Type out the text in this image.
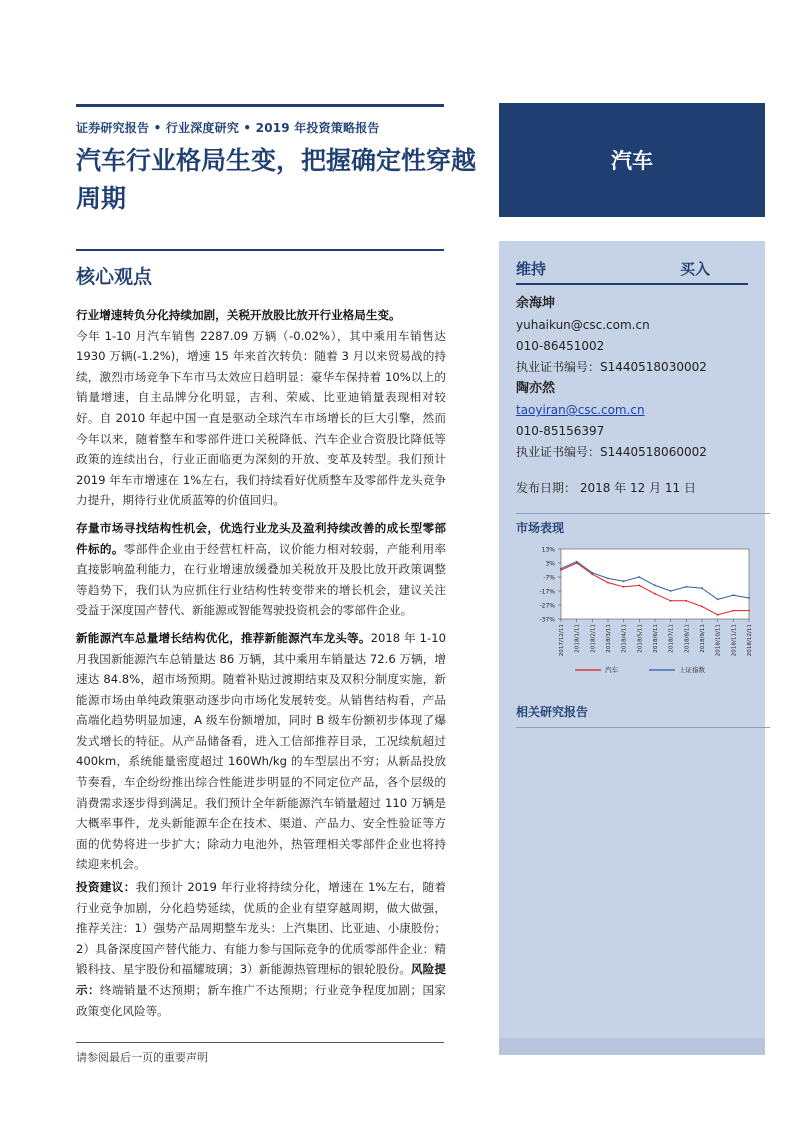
证券研究报告 • 行业深度研究 • 2019 年投资策略报告
汽车行业格局生变，把握确定性穿越周期
汽车
维持	买入
余海坤
yuhaikun@csc.com.cn
010-86451002
执业证书编号：S1440518030002
陶亦然
taoyiran@csc.com.cn
010-85156397
执业证书编号：S1440518060002
发布日期： 2018 年 12 月 11 日
市场表现
13%
3%
-7%
-17%
-27%
-37%
2017/12/11 2018/1/11 2018/2/11 2018/3/11 2018/4/11 2018/5/11 2018/6/11 2018/7/11 2018/8/11 2018/9/11 2018/10/11 2018/11/11 2018/12/11
汽车	上证指数
相关研究报告
核心观点

行业增速转负分化持续加剧，关税开放股比放开行业格局生变。
今年 1-10 月汽车销售 2287.09 万辆（-0.02%），其中乘用车销售达 1930 万辆(-1.2%)，增速 15 年来首次转负：随着 3 月以来贸易战的持续，激烈市场竞争下车市马太效应日趋明显：豪华车保持着 10%以上的销量增速，自主品牌分化明显，吉利、荣威、比亚迪销量表现相对较好。自 2010 年起中国一直是驱动全球汽车市场增长的巨大引擎，然而今年以来，随着整车和零部件进口关税降低、汽车企业合资股比降低等政策的连续出台，行业正面临更为深刻的开放、变革及转型。我们预计 2019 年车市增速在 1%左右，我们持续看好优质整车及零部件龙头竞争力提升，期待行业优质蓝筹的价值回归。

存量市场寻找结构性机会，优选行业龙头及盈利持续改善的成长型零部件标的。零部件企业由于经营杠杆高，议价能力相对较弱，产能利用率直接影响盈利能力，在行业增速放缓叠加关税放开及股比放开政策调整等趋势下，我们认为应抓住行业结构性转变带来的增长机会，建议关注受益于深度国产替代、新能源或智能驾驶投资机会的零部件企业。

新能源汽车总量增长结构优化，推荐新能源汽车龙头等。2018 年 1-10 月我国新能源汽车总销量达 86 万辆，其中乘用车销量达 72.6 万辆，增速达 84.8%，超市场预期。随着补贴过渡期结束及双积分制度实施，新能源市场由单纯政策驱动逐步向市场化发展转变。从销售结构看，产品高端化趋势明显加速，A 级车份额增加，同时 B 级车份额初步体现了爆发式增长的特征。从产品储备看，进入工信部推荐目录，工况续航超过 400km，系统能量密度超过 160Wh/kg 的车型层出不穷；从新品投放节奏看，车企纷纷推出综合性能进步明显的不同定位产品，各个层级的消费需求逐步得到满足。我们预计全年新能源汽车销量超过 110 万辆是大概率事件，龙头新能源车企在技术、渠道、产品力、安全性验证等方面的优势将进一步扩大；除动力电池外，热管理相关零部件企业也将持续迎来机会。

投资建议：我们预计 2019 年行业将持续分化，增速在 1%左右，随着行业竞争加剧，分化趋势延续，优质的企业有望穿越周期，做大做强，推荐关注：1）强势产品周期整车龙头：上汽集团、比亚迪、小康股份；2）具备深度国产替代能力、有能力参与国际竞争的优质零部件企业：精锻科技、星宇股份和福耀玻璃；3）新能源热管理标的银轮股份。风险提示：终端销量不达预期；新车推广不达预期；行业竞争程度加剧；国家政策变化风险等。

请参阅最后一页的重要声明
